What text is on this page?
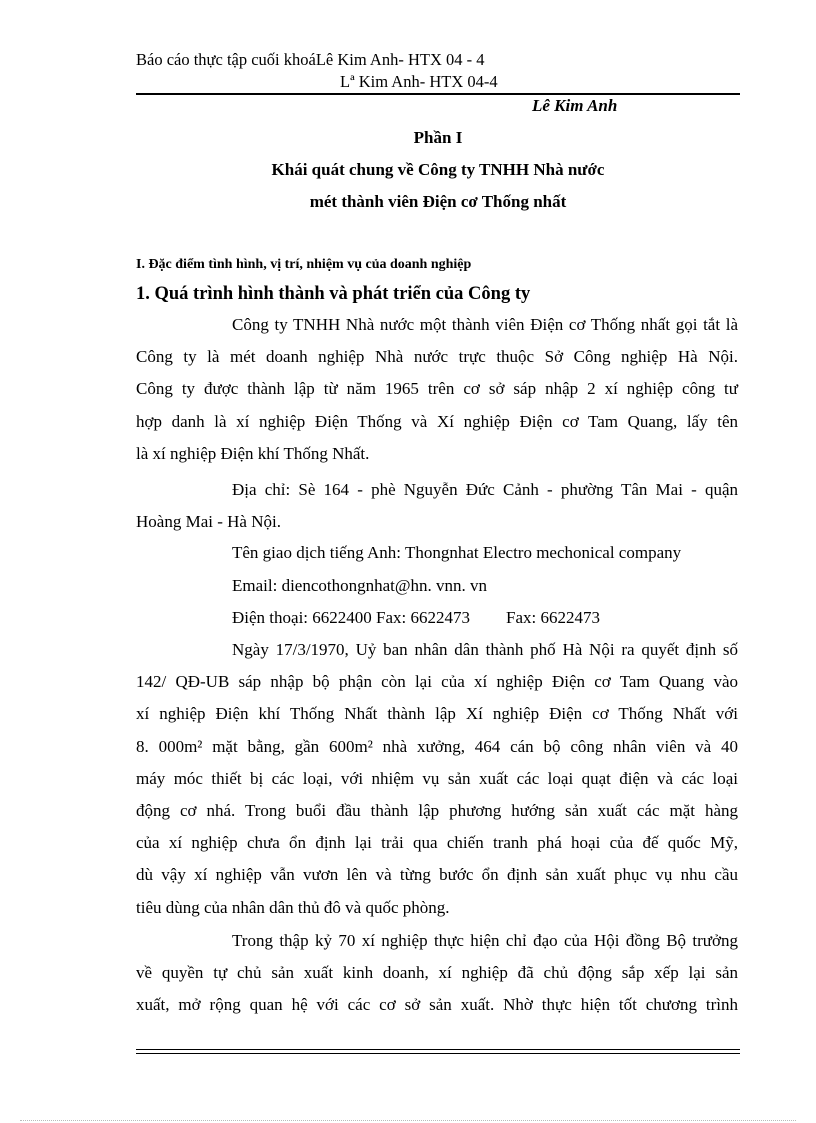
Báo cáo thực tập cuối khoáLê Kim Anh- HTX 04 - 4
Lª Kim Anh- HTX 04-4
Lê Kim Anh
Phần I
Khái quát chung về Công ty TNHH Nhà nước
mét thành viên Điện cơ Thống nhất
I. Đặc điểm tình hình, vị trí, nhiệm vụ của doanh nghiệp
1. Quá trình hình thành và phát triển của Công ty
Công ty TNHH Nhà nước một thành viên Điện cơ Thống nhất gọi tắt là
Công ty là mét doanh nghiệp Nhà nước trực thuộc Sở Công nghiệp Hà Nội.
Công ty được thành lập từ năm 1965 trên cơ sở sáp nhập 2 xí nghiệp công tư
hợp danh là xí nghiệp Điện Thống và Xí nghiệp Điện cơ Tam Quang, lấy tên
là xí nghiệp Điện khí Thống Nhất.
Địa chỉ: Sè 164 - phè Nguyễn Đức Cảnh - phường Tân Mai - quận
Hoàng Mai - Hà Nội.
Tên giao dịch tiếng Anh: Thongnhat Electro mechonical company
Email: diencothongnhat@hn. vnn. vn
Điện thoại: 6622400 Fax: 6622473 Fax: 6622473
Ngày 17/3/1970, Uỷ ban nhân dân thành phố Hà Nội ra quyết định số
142/ QĐ-UB sáp nhập bộ phận còn lại của xí nghiệp Điện cơ Tam Quang vào
xí nghiệp Điện khí Thống Nhất thành lập Xí nghiệp Điện cơ Thống Nhất với
8. 000m² mặt bằng, gần 600m² nhà xưởng, 464 cán bộ công nhân viên và 40
máy móc thiết bị các loại, với nhiệm vụ sản xuất các loại quạt điện và các loại
động cơ nhá. Trong buổi đầu thành lập phương hướng sản xuất các mặt hàng
của xí nghiệp chưa ổn định lại trải qua chiến tranh phá hoại của đế quốc Mỹ,
dù vậy xí nghiệp vẫn vươn lên và từng bước ổn định sản xuất phục vụ nhu cầu
tiêu dùng của nhân dân thủ đô và quốc phòng.
Trong thập kỷ 70 xí nghiệp thực hiện chỉ đạo của Hội đồng Bộ trưởng
về quyền tự chủ sản xuất kinh doanh, xí nghiệp đã chủ động sắp xếp lại sản
xuất, mở rộng quan hệ với các cơ sở sản xuất. Nhờ thực hiện tốt chương trình
